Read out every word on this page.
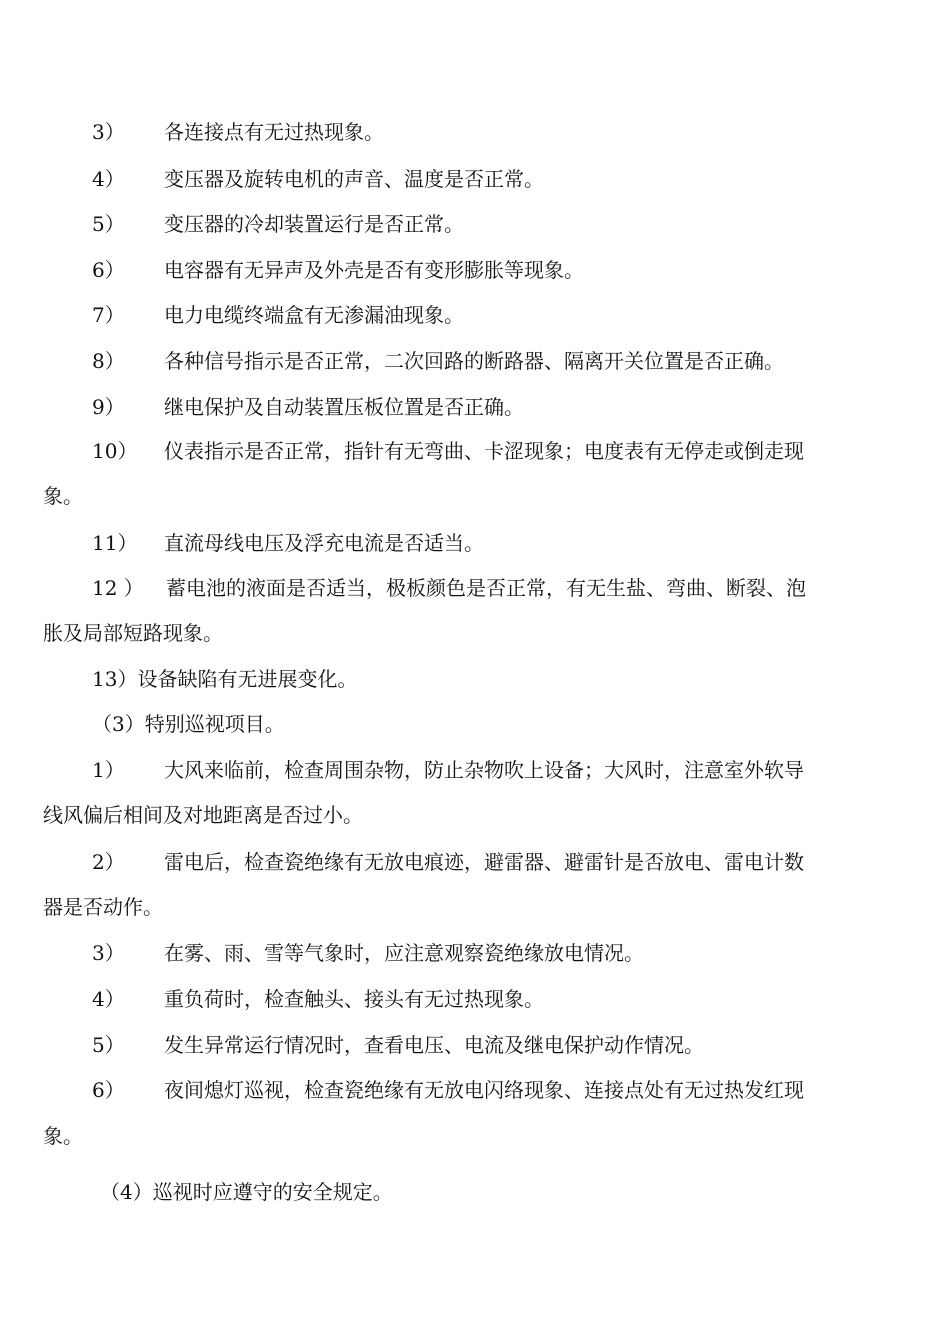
3） 各连接点有无过热现象。
4） 变压器及旋转电机的声音、温度是否正常。
5） 变压器的冷却装置运行是否正常。
6） 电容器有无异声及外壳是否有变形膨胀等现象。
7） 电力电缆终端盒有无渗漏油现象。
8） 各种信号指示是否正常，二次回路的断路器、隔离开关位置是否正确。
9） 继电保护及自动装置压板位置是否正确。
10） 仪表指示是否正常，指针有无弯曲、卡涩现象；电度表有无停走或倒走现
象。
11） 直流母线电压及浮充电流是否适当。
12 ） 蓄电池的液面是否适当，极板颜色是否正常，有无生盐、弯曲、断裂、泡
胀及局部短路现象。
13）设备缺陷有无进展变化。
（3）特别巡视项目。
1） 大风来临前，检查周围杂物，防止杂物吹上设备；大风时，注意室外软导
线风偏后相间及对地距离是否过小。
2） 雷电后，检查瓷绝缘有无放电痕迹，避雷器、避雷针是否放电、雷电计数
器是否动作。
3） 在雾、雨、雪等气象时，应注意观察瓷绝缘放电情况。
4） 重负荷时，检查触头、接头有无过热现象。
5） 发生异常运行情况时，查看电压、电流及继电保护动作情况。
6） 夜间熄灯巡视，检查瓷绝缘有无放电闪络现象、连接点处有无过热发红现
象。
（4）巡视时应遵守的安全规定。
